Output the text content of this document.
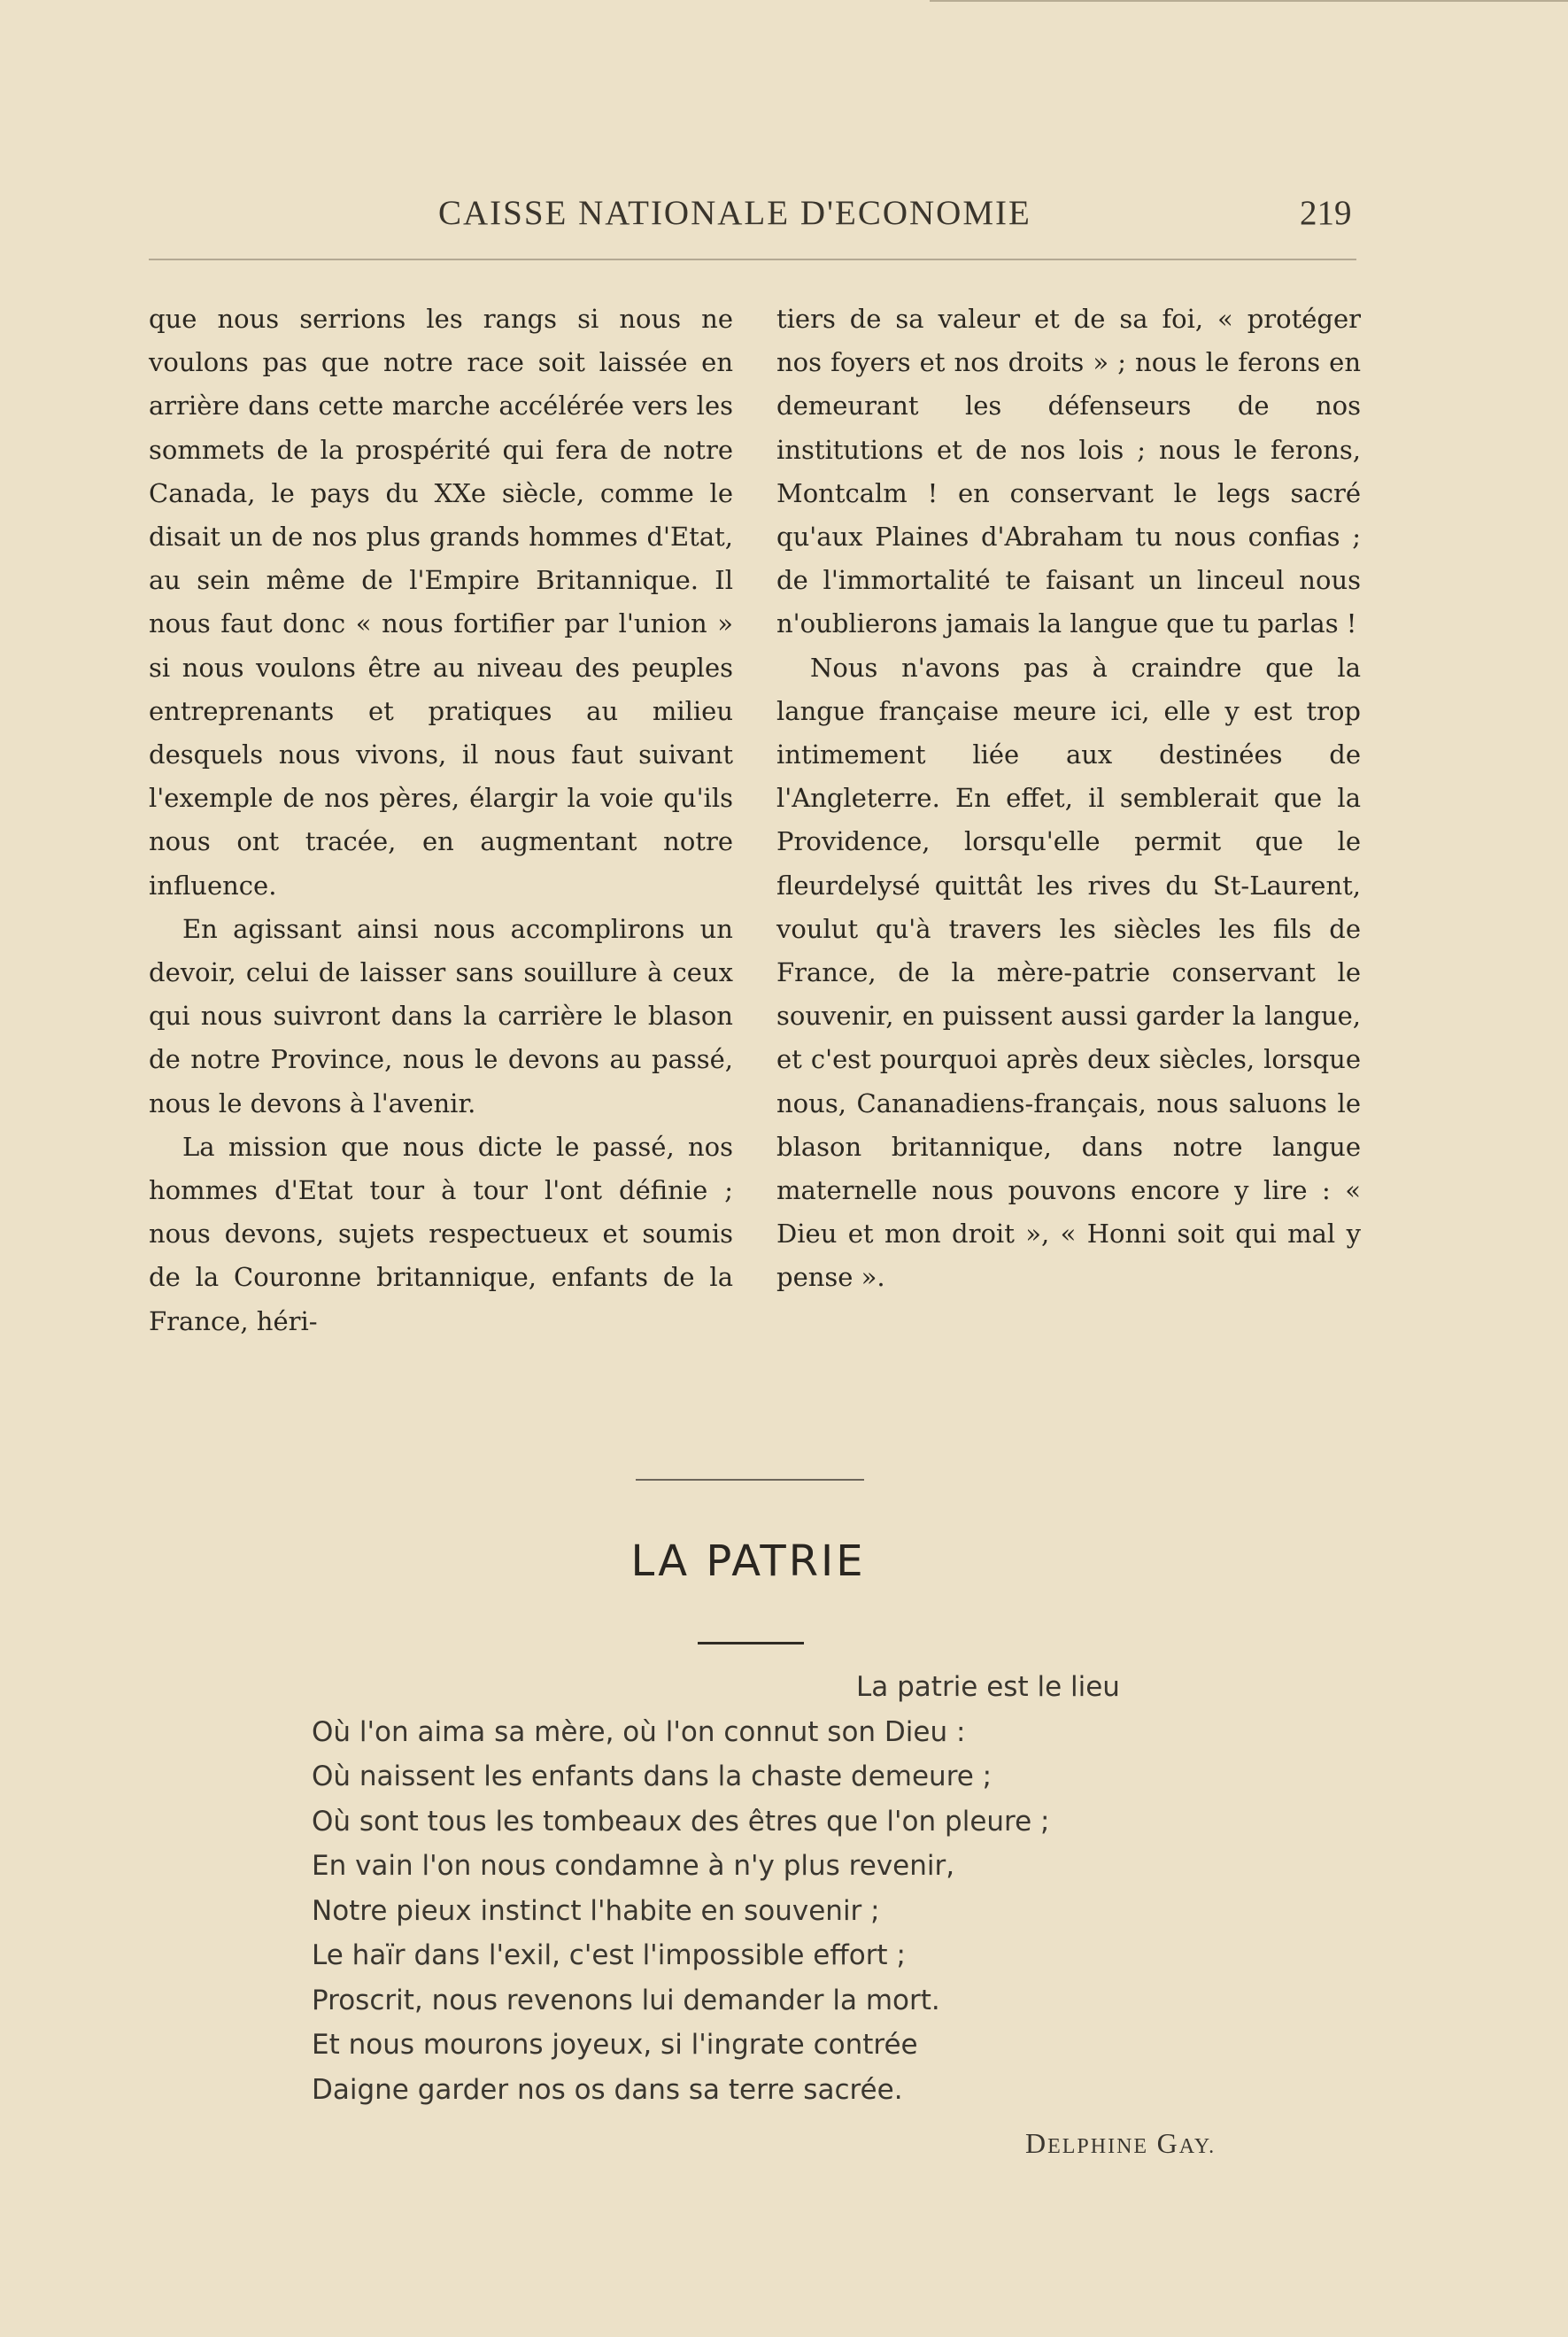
CAISSE NATIONALE D'ECONOMIE	219

que nous serrions les rangs si nous ne voulons pas que notre race soit laissée en arrière dans cette marche accélérée vers les sommets de la prospérité qui fera de notre Canada, le pays du XXe siècle, comme le disait un de nos plus grands hommes d'Etat, au sein même de l'Empire Britannique. Il nous faut donc « nous fortifier par l'union » si nous voulons être au niveau des peuples entreprenants et pratiques au milieu desquels nous vivons, il nous faut suivant l'exemple de nos pères, élargir la voie qu'ils nous ont tracée, en augmentant notre influence.

En agissant ainsi nous accomplirons un devoir, celui de laisser sans souillure à ceux qui nous suivront dans la carrière le blason de notre Province, nous le devons au passé, nous le devons à l'avenir.

La mission que nous dicte le passé, nos hommes d'Etat tour à tour l'ont définie ; nous devons, sujets respectueux et soumis de la Couronne britannique, enfants de la France, héri-

tiers de sa valeur et de sa foi, « protéger nos foyers et nos droits » ; nous le ferons en demeurant les défenseurs de nos institutions et de nos lois ; nous le ferons, Montcalm ! en conservant le legs sacré qu'aux Plaines d'Abraham tu nous confias ; de l'immortalité te faisant un linceul nous n'oublierons jamais la langue que tu parlas !

Nous n'avons pas à craindre que la langue française meure ici, elle y est trop intimement liée aux destinées de l'Angleterre. En effet, il semblerait que la Providence, lorsqu'elle permit que le fleurdelysé quittât les rives du St-Laurent, voulut qu'à travers les siècles les fils de France, de la mère-patrie conservant le souvenir, en puissent aussi garder la langue, et c'est pourquoi après deux siècles, lorsque nous, Cananadiens-français, nous saluons le blason britannique, dans notre langue maternelle nous pouvons encore y lire : « Dieu et mon droit », « Honni soit qui mal y pense ».

LA PATRIE
La patrie est le lieu
Où l'on aima sa mère, où l'on connut son Dieu :
Où naissent les enfants dans la chaste demeure ;
Où sont tous les tombeaux des êtres que l'on pleure ;
En vain l'on nous condamne à n'y plus revenir,
Notre pieux instinct l'habite en souvenir ;
Le haïr dans l'exil, c'est l'impossible effort ;
Proscrit, nous revenons lui demander la mort.
Et nous mourons joyeux, si l'ingrate contrée
Daigne garder nos os dans sa terre sacrée.
DELPHINE GAY.
